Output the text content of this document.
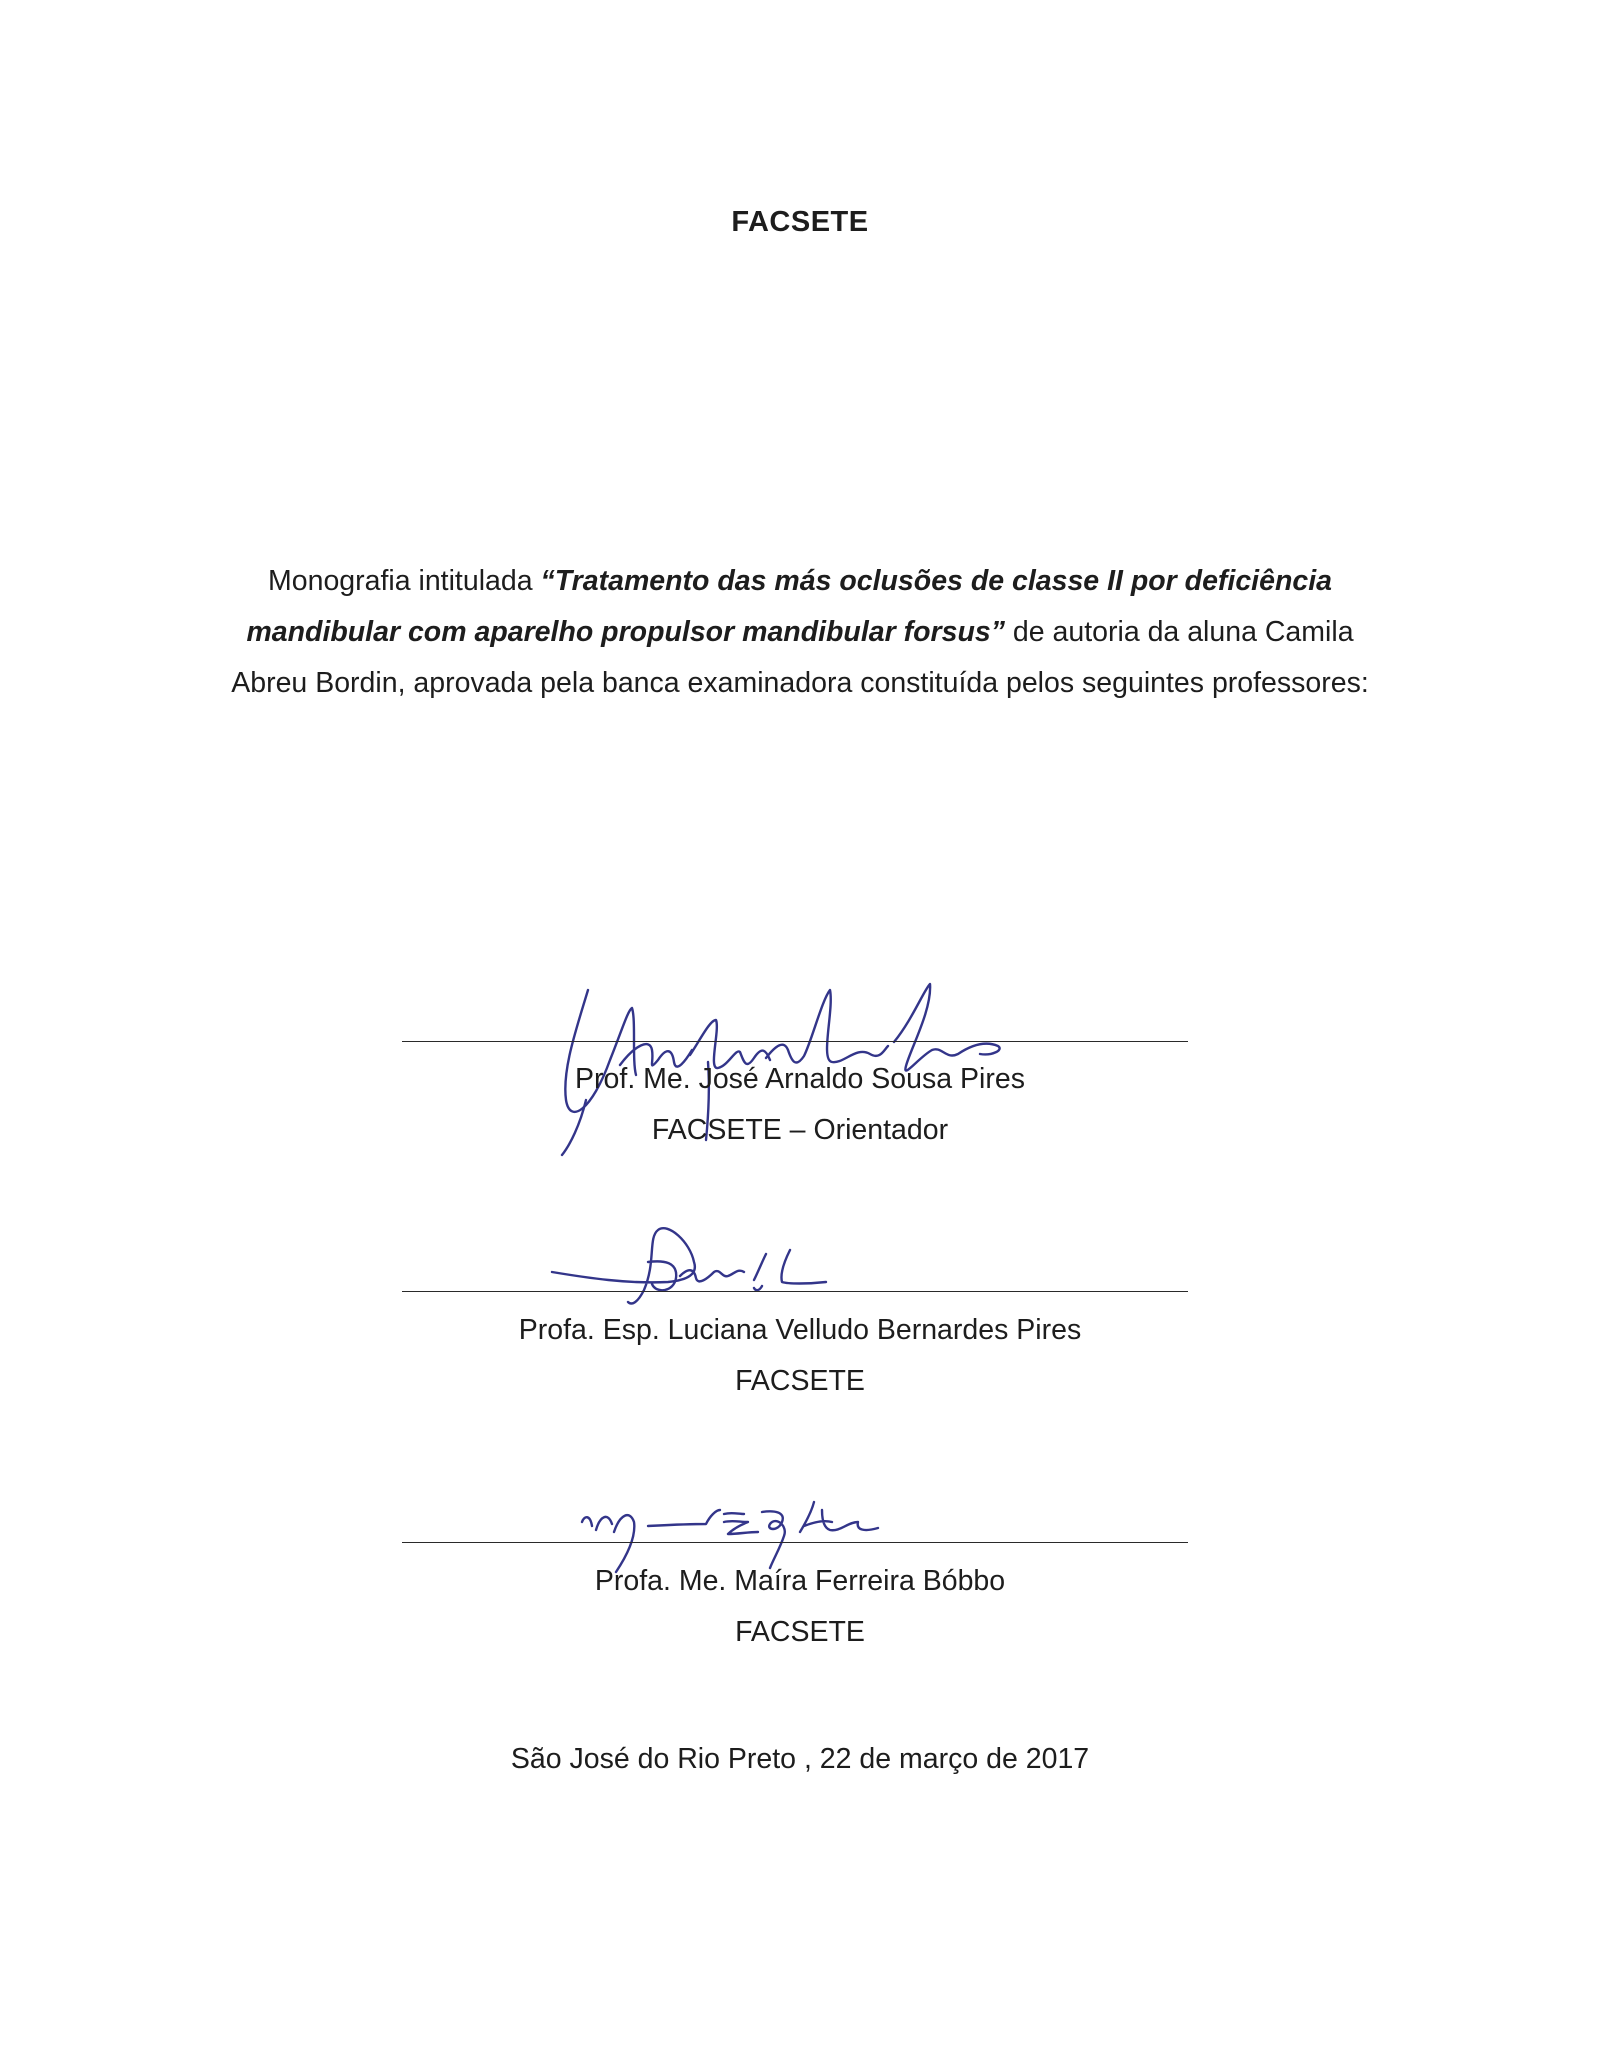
FACSETE

Monografia intitulada “Tratamento das más oclusões de classe II por deficiência mandibular com aparelho propulsor mandibular forsus” de autoria da aluna Camila Abreu Bordin, aprovada pela banca examinadora constituída pelos seguintes professores:

Prof. Me. José Arnaldo Sousa Pires

FACSETE – Orientador

Profa. Esp. Luciana Velludo Bernardes Pires

FACSETE

Profa. Me. Maíra Ferreira Bóbbo

FACSETE

São José do Rio Preto , 22 de março de 2017
